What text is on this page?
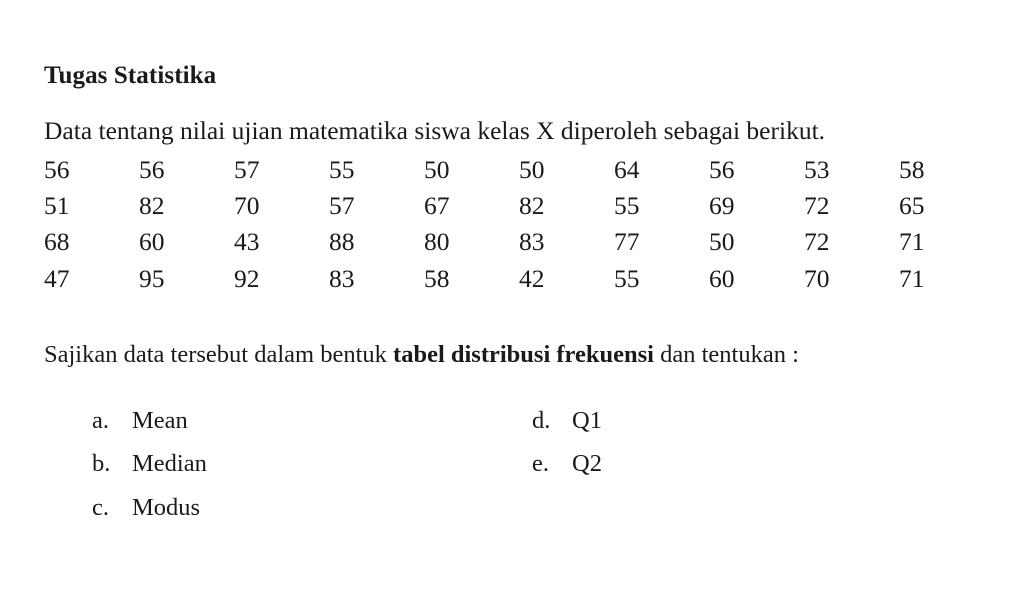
Tugas Statistika

Data tentang nilai ujian matematika siswa kelas X diperoleh sebagai berikut.

56	56	57	55	50	50	64	56	53	58
51	82	70	57	67	82	55	69	72	65
68	60	43	88	80	83	77	50	72	71
47	95	92	83	58	42	55	60	70	71

Sajikan data tersebut dalam bentuk tabel distribusi frekuensi dan tentukan :

a. Mean
b. Median
c. Modus
d. Q1
e. Q2
